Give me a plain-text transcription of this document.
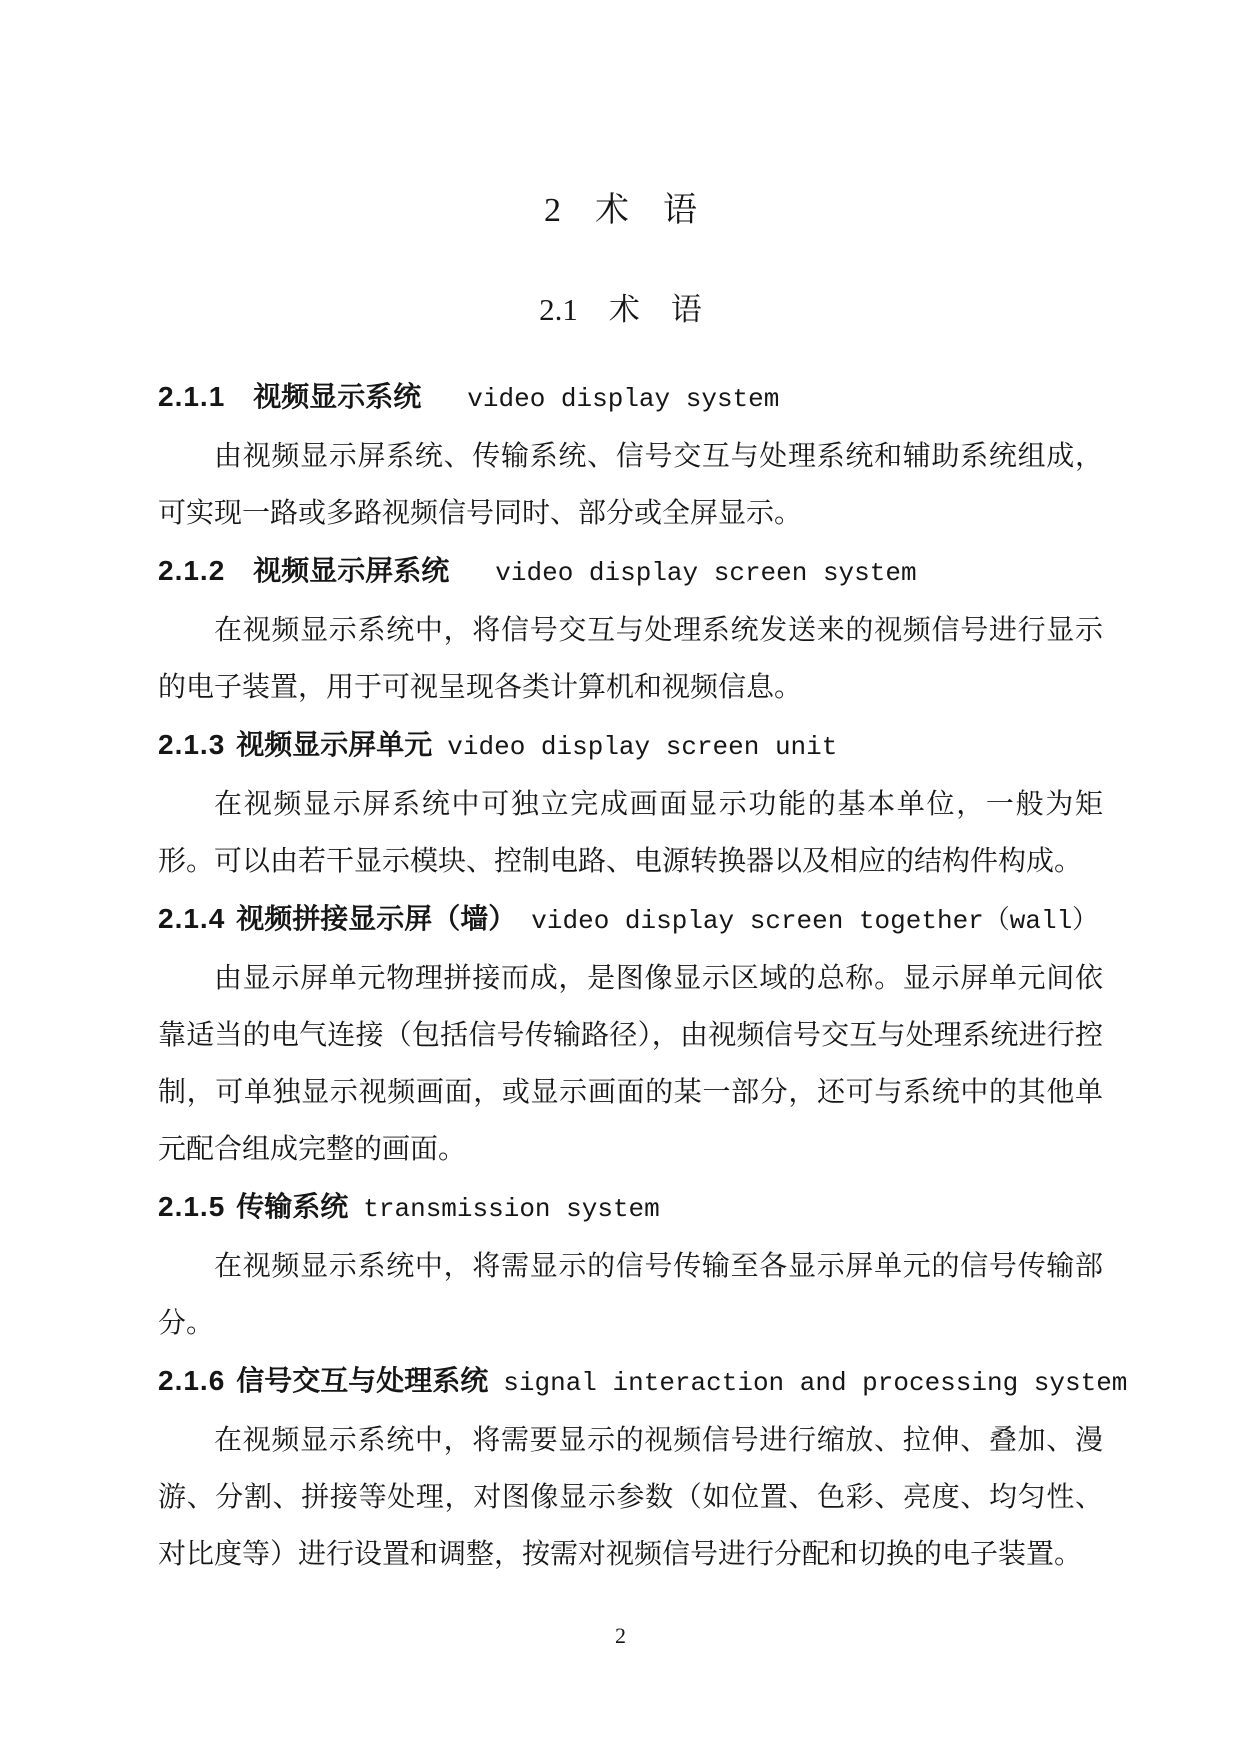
2　术　语
2.1　术　语
2.1.1 视频显示系统 video display system

由视频显示屏系统、传输系统、信号交互与处理系统和辅助系统组成，可实现一路或多路视频信号同时、部分或全屏显示。

2.1.2 视频显示屏系统 video display screen system

在视频显示系统中，将信号交互与处理系统发送来的视频信号进行显示的电子装置，用于可视呈现各类计算机和视频信息。

2.1.3 视频显示屏单元 video display screen unit

在视频显示屏系统中可独立完成画面显示功能的基本单位，一般为矩形。可以由若干显示模块、控制电路、电源转换器以及相应的结构件构成。

2.1.4 视频拼接显示屏（墙） video display screen together（wall）

由显示屏单元物理拼接而成，是图像显示区域的总称。显示屏单元间依靠适当的电气连接（包括信号传输路径），由视频信号交互与处理系统进行控制，可单独显示视频画面，或显示画面的某一部分，还可与系统中的其他单元配合组成完整的画面。

2.1.5 传输系统 transmission system

在视频显示系统中，将需显示的信号传输至各显示屏单元的信号传输部分。

2.1.6 信号交互与处理系统 signal interaction and processing system

在视频显示系统中，将需要显示的视频信号进行缩放、拉伸、叠加、漫游、分割、拼接等处理，对图像显示参数（如位置、色彩、亮度、均匀性、对比度等）进行设置和调整，按需对视频信号进行分配和切换的电子装置。

2
